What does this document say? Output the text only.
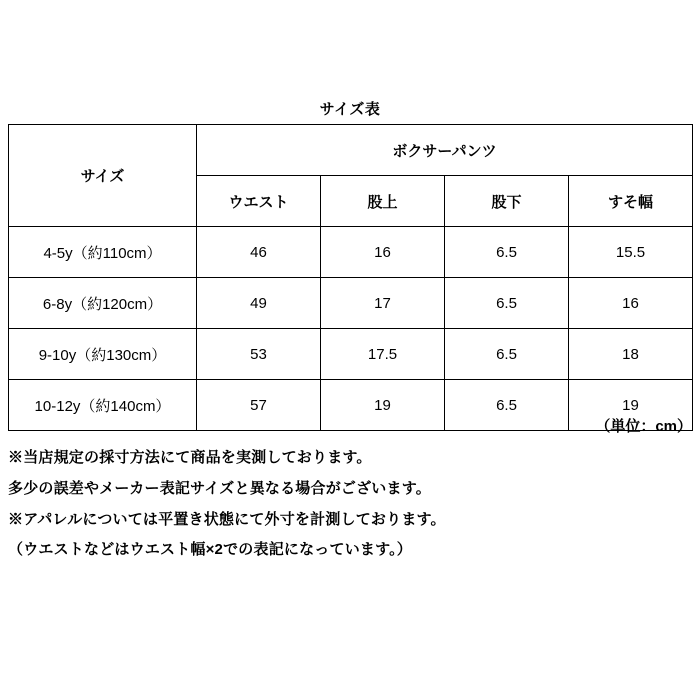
サイズ表
サイズ	ボクサーパンツ			
	ウエスト	股上	股下	すそ幅
4-5y（約110cm）	46	16	6.5	15.5
6-8y（約120cm）	49	17	6.5	16
9-10y（約130cm）	53	17.5	6.5	18
10-12y（約140cm）	57	19	6.5	19
（単位：cm）

※当店規定の採寸方法にて商品を実測しております。

多少の誤差やメーカー表記サイズと異なる場合がございます。

※アパレルについては平置き状態にて外寸を計測しております。

（ウエストなどはウエスト幅×2での表記になっています。）
